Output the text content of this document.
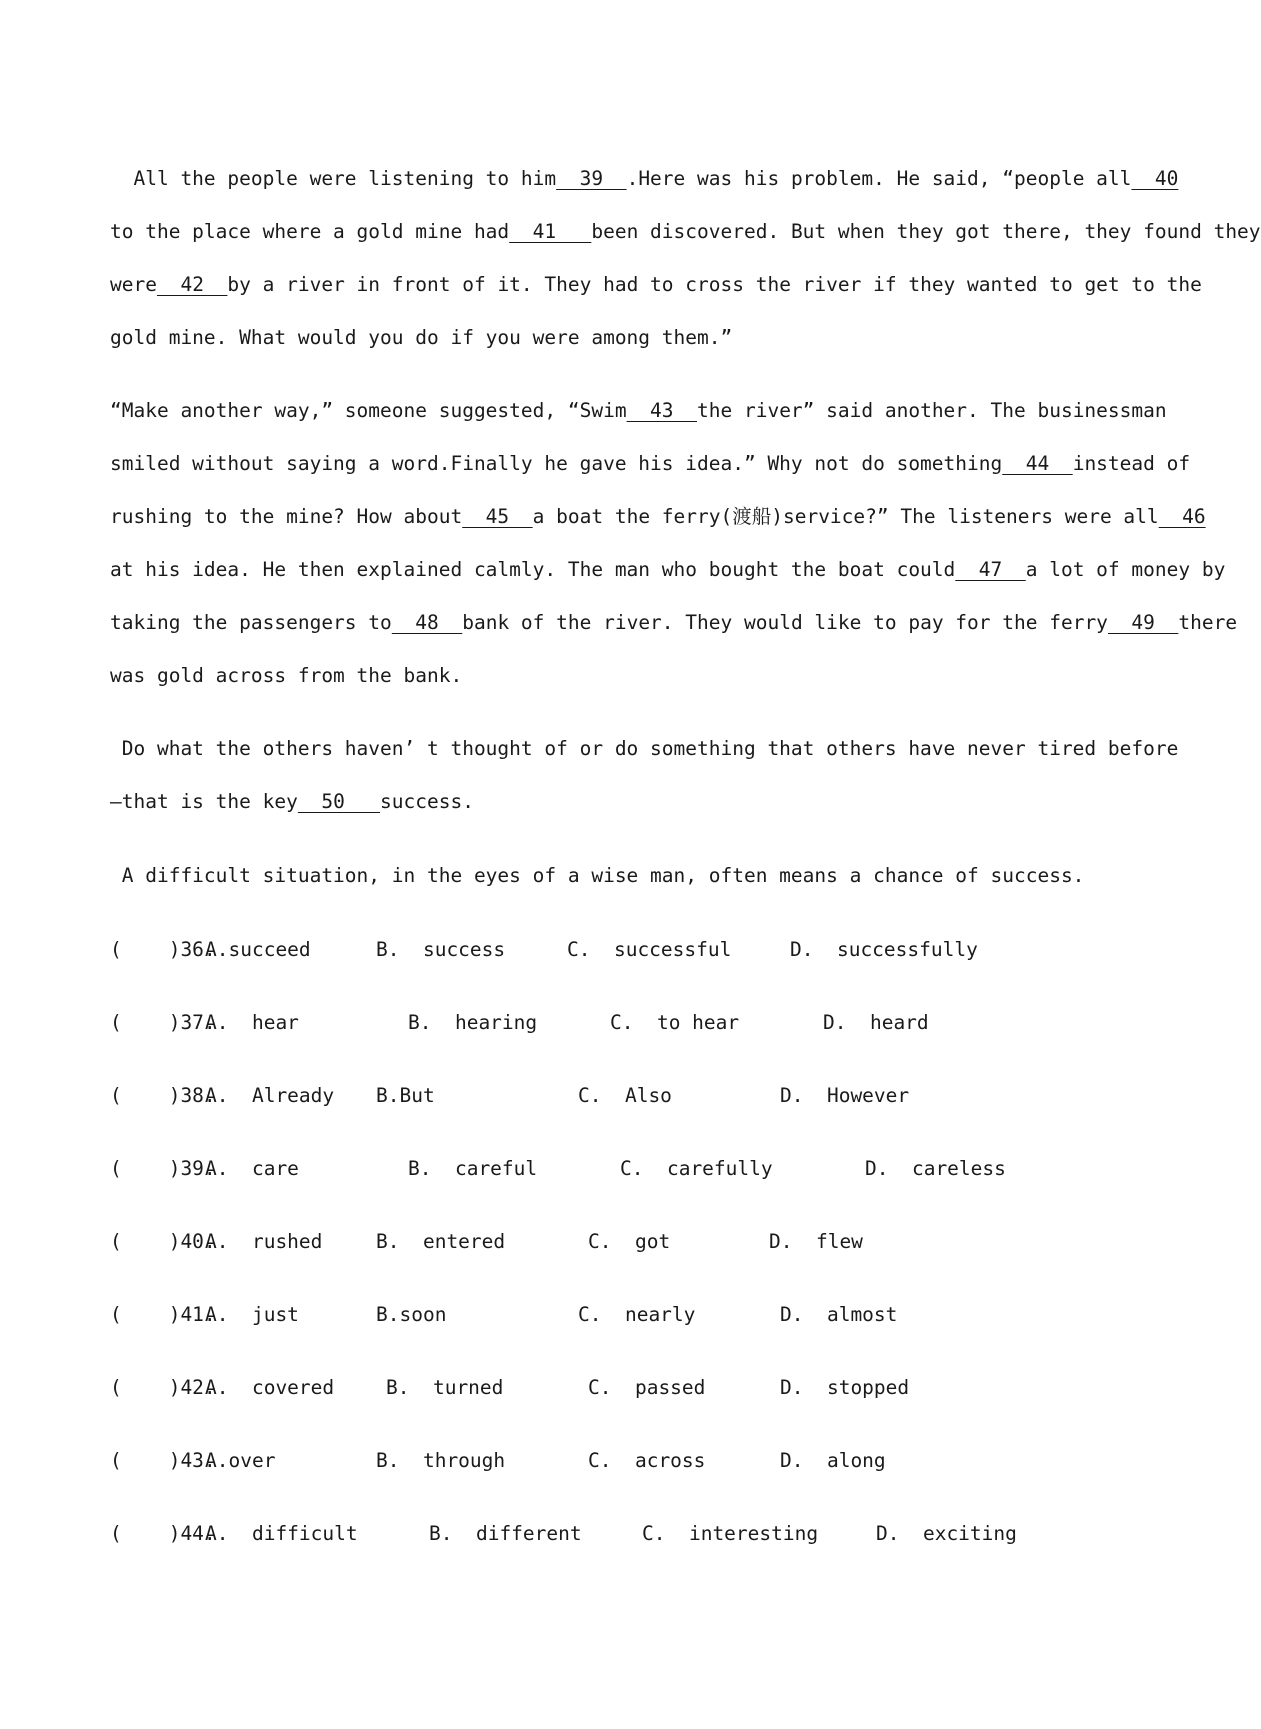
All the people were listening to him  39  .Here was his problem. He said, “people all  40
to the place where a gold mine had  41   been discovered. But when they got there, they found they
were  42  by a river in front of it. They had to cross the river if they wanted to get to the
gold mine. What would you do if you were among them.”
“Make another way,” someone suggested, “Swim  43  the river” said another. The businessman
smiled without saying a word.Finally he gave his idea.” Why not do something  44  instead of
rushing to the mine? How about  45  a boat the ferry(渡船)service?” The listeners were all  46
at his idea. He then explained calmly. The man who bought the boat could  47  a lot of money by
taking the passengers to  48  bank of the river. They would like to pay for the ferry  49  there
was gold across from the bank.
Do what the others haven’ t thought of or do something that others have never tired before
—that is the key  50   success.
A difficult situation, in the eyes of a wise man, often means a chance of success.

(    )36.

A.succeed

	B.  success

	C.  successful

	D.  successfully

(    )37.

A.  hear

	B.  hearing

	C.  to hear

	D.  heard

(    )38.

A.  Already

B.But

	C.  Also

	D.  However

(    )39.

A.  care

	B.  careful

	C.  carefully

	D.  careless

(    )40.

A.  rushed

	B.  entered

	C.  got

	D.  flew

(    )41.

A.  just

	B.soon

	C.  nearly

	D.  almost

(    )42.

A.  covered

	B.  turned

	C.  passed

	D.  stopped

(    )43.

A.over

	B.  through

	C.  across

	D.  along

(    )44.

A.  difficult

	B.  different

	C.  interesting

	D.  exciting
